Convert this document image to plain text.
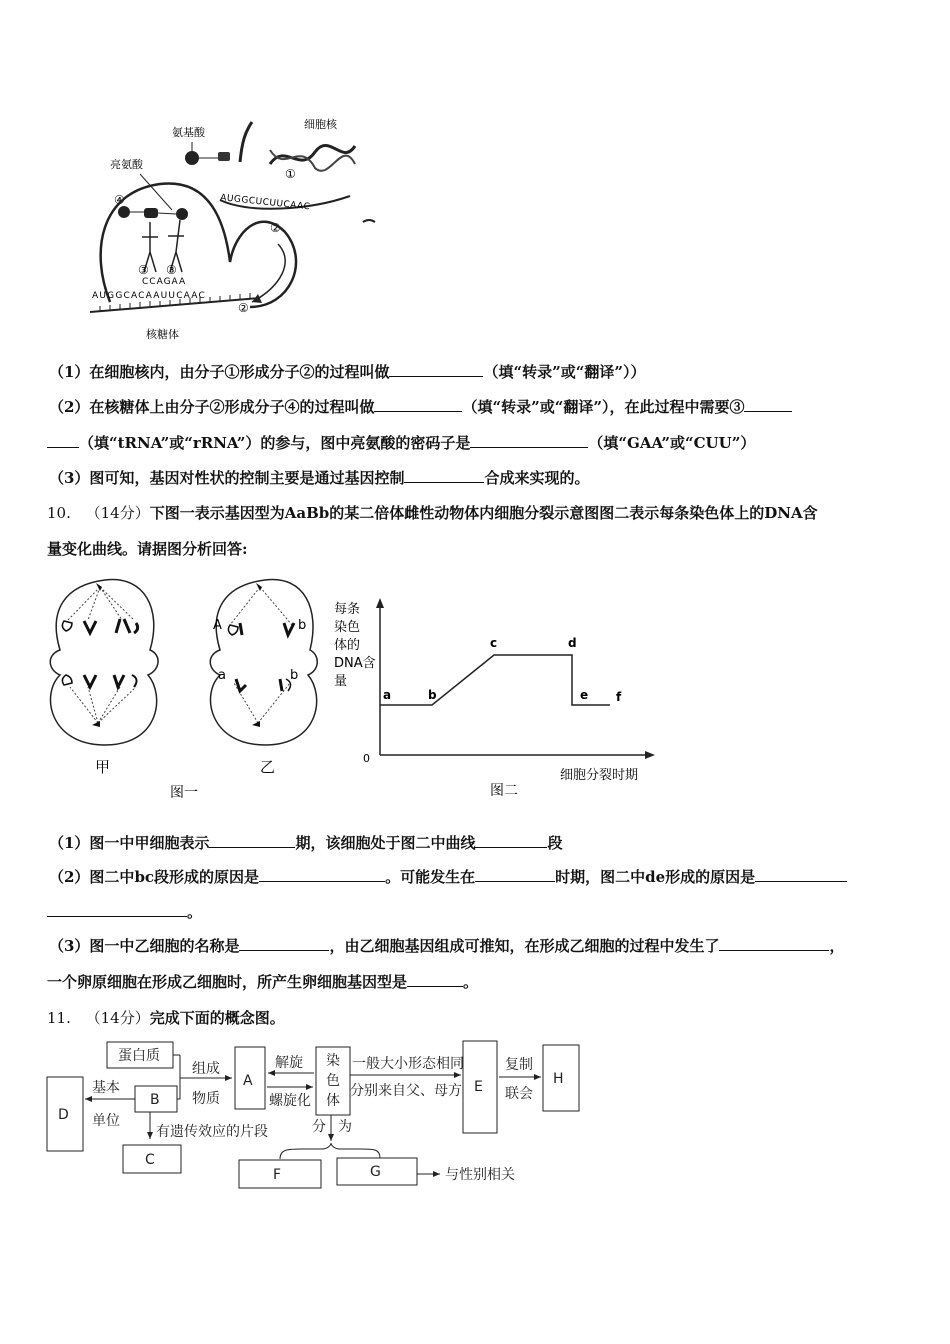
细胞核
①
AUGGCUCUUCAAC
②
氨基酸
亮氨酸
④
③ ③
CCAGAA
AUGGCACAAUUCAAC
②
核糖体
（1）在细胞核内，由分子①形成分子②的过程叫做	（填“转录”或“翻译”））
（2）在核糖体上由分子②形成分子④的过程叫做	（填“转录”或“翻译”），在此过程中需要③
（填“tRNA”或“rRNA”）的参与，图中亮氨酸的密码子是	（填“GAA”或“CUU”）
（3）图可知，基因对性状的控制主要是通过基因控制	合成来实现的。
10. （14分）下图一表示基因型为AaBb的某二倍体雌性动物体内细胞分裂示意图图二表示每条染色体上的DNA含
量变化曲线。请据图分析回答:
甲
图一
A	b
a	b
乙
每条
染色
体的
DNA含
量
0
a	b
c	d
e f
细胞分裂时期
图二
（1）图一中甲细胞表示	期，该细胞处于图二中曲线	段
（2）图二中bc段形成的原因是	。可能发生在	时期，图二中de形成的原因是
。
（3）图一中乙细胞的名称是	，由乙细胞基因组成可推知，在形成乙细胞的过程中发生了	，
一个卵原细胞在形成乙细胞时，所产生卵细胞基因型是	。
11. （14分）完成下面的概念图。
蛋白质
A
染
色
体
E	H
B
D
C
F	G
组成
物质
解旋
螺旋化
一般大小形态相同
分别来自父、母方
复制
联会
基本
单位
有遗传效应的片段	分 为
与性别相关
